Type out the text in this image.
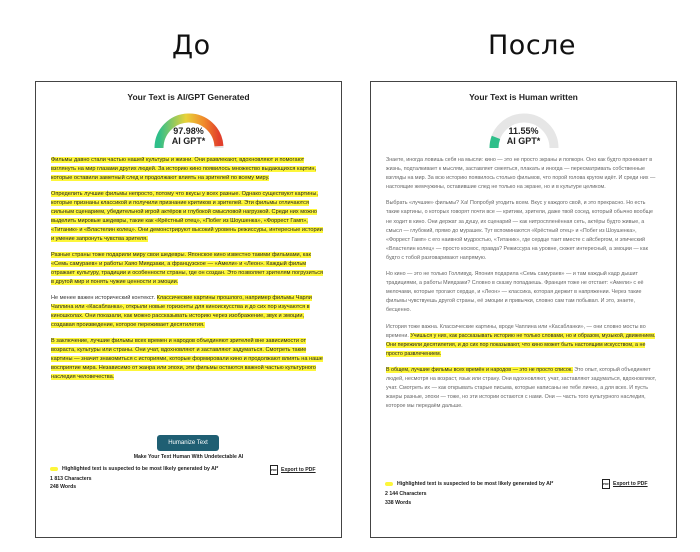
До	После
Your Text is AI/GPT Generated
97.98%
AI GPT*

Фильмы давно стали частью нашей культуры и жизни. Они развлекают, вдохновляют и помогают взглянуть на мир глазами других людей. За историю кино появилось множество выдающихся картин, которые оставили заметный след и продолжают влиять на зрителей по всему миру.

Определить лучшие фильмы непросто, потому что вкусы у всех разные. Однако существуют картины, которые признаны классикой и получили признание критиков и зрителей. Эти фильмы отличаются сильным сценарием, убедительной игрой актёров и глубокой смысловой нагрузкой. Среди них можно выделить мировые шедевры, такие как «Крёстный отец», «Побег из Шоушенка», «Форрест Гамп», «Титаник» и «Властелин колец». Они демонстрируют высокий уровень режиссуры, интересные истории и умение запронуть чувства зрителя.

Разные страны тоже подарили миру свои шедевры. Японское кино известно такими фильмами, как «Семь самураев» и работы Хаяо Миядзаки, а французское — «Амели» и «Леон». Каждый фильм отражает культуру, традиции и особенности страны, где он создан. Это позволяет зрителям погрузиться в другой мир и понять чужие ценности и эмоции.

Не менее важен исторический контекст. Классические картины прошлого, например фильмы Чарли Чаплина или «Касабланка», открыли новые горизонты для киноискусства и до сих пор изучаются в киношколах. Они показали, как можно рассказывать историю через изображение, звук и эмоции, создавая произведение, которое переживает десятилетия.

В заключение, лучшие фильмы всех времен и народов объединяют зрителей вне зависимости от возраста, культуры или страны. Они учат, вдохновляют и заставляют задуматься. Смотреть такие картины — значит знакомиться с историями, которые формировали кино и продолжают влиять на наше восприятие мира. Независимо от жанра или эпохи, эти фильмы остаются важной частью культурного наследия человечества.

Humanize Text
Make Your Text Human With Undetectable AI
Highlighted text is suspected to be most likely generated by AI*
1 813 Characters
248 Words
PDF Export to PDF
Your Text is Human written
11.55%
AI GPT*

Знаете, иногда ловишь себя на мысли: кино — это не просто экраны и попкорн. Оно как будто проникает в жизнь, подталкивает к мыслям, заставляет смеяться, плакать и иногда — пересматривать собственные взгляды на мир. За всю историю появилось столько фильмов, что порой голова кругом идёт. И среди них — настоящие жемчужины, оставившие след не только на экране, но и в культуре целиком.

Выбрать «лучшие» фильмы? Ха! Попробуй угодить всем. Вкус у каждого свой, и это прекрасно. Но есть такие картины, о которых говорят почти все — критики, зрители, даже твой сосед, который обычно вообще не ходит в кино. Они держат за душу, их сценарий — как нитроспленённая сеть, актёры будто живые, а смысл — глубокий, прямо до мурашек. Тут вспоминаются «Крёстный отец» и «Побег из Шоушенка», «Форрест Гамп» с его наивной мудростью, «Титаник», где сердце таит вместе с айсбергом, и эпический «Властелин колец» — просто космос, правда? Режиссура на уровне, сюжет интересный, а эмоции — как будто с тобой разговаривают напрямую.

Но кино — это не только Голливуд. Япония подарила «Семь самураев» — и там каждый кадр дышит традициями, а работы Миядзаки? Словно в сказку попадаешь. Франция тоже не отстает: «Амели» с её мелочами, которые трогают сердце, и «Леон» — классика, которая держит в напряжении. Через такие фильмы чувствуешь другой страны, её эмоции и привычки, словно сам там побывал. И это, знаете, бесценно.

История тоже важна. Классические картины, вроде Чаплина или «Касабланки», — они словно мосты во времени. Учишься у них, как рассказывать историю не только словами, но и образом, музыкой, движением. Они пережили десятилетия, и до сих пор показывают, что кино может быть настоящим искусством, а не просто развлечением.

В общем, лучшие фильмы всех времён и народов — это не просто список. Это опыт, который объединяет людей, несмотря на возраст, язык или страну. Они вдохновляют, учат, заставляют задуматься, вдохновляют, учат. Смотреть их — как открывать старые письма, которые написаны не тебе лично, а для всех. И пусть жанры разные, эпохи — тоже, но эти истории остаются с нами. Они — часть того культурного наследия, которое мы передаём дальше.

Highlighted text is suspected to be most likely generated by AI*
2 144 Characters
338 Words
PDF Export to PDF
